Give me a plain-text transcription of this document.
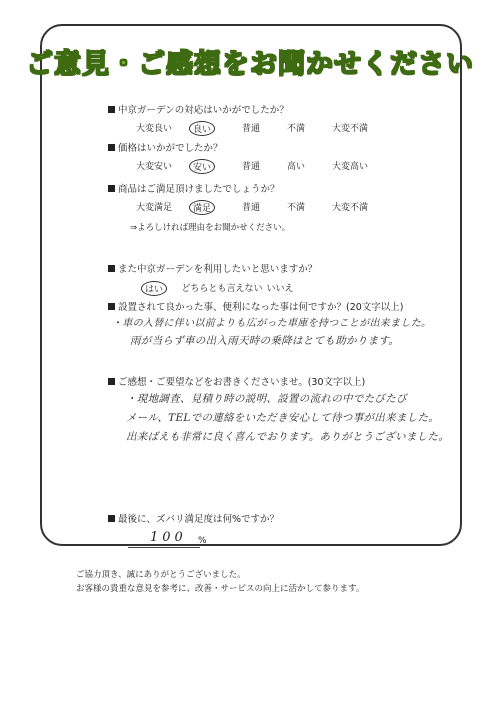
ご意見・ご感想をお聞かせください
中京ガーデンの対応はいかがでしたか？
大変良い	良い	普通	不満	大変不満
価格はいかがでしたか？
大変安い	安い	普通	高い	大変高い
商品はご満足頂けましたでしょうか？
大変満足	満足	普通	不満	大変不満
⇒よろしければ理由をお聞かせください。
また中京ガーデンを利用したいと思いますか？
はい	どちらとも言えない いいえ
設置されて良かった事、便利になった事は何ですか？(20文字以上)
・車の入替に伴い以前よりも広がった車庫を持つことが出来ました。
雨が当らず車の出入雨天時の乗降はとても助かります。
ご感想・ご要望などをお書きくださいませ。(30文字以上)
・現地調査、見積り時の説明、設置の流れの中でたびたび
メール、TELでの連絡をいただき安心して待つ事が出来ました。
出来ばえも非常に良く喜んでおります。ありがとうございました。
最後に、ズバリ満足度は何%ですか？
100 %
ご協力頂き、誠にありがとうございました。
お客様の貴重な意見を参考に、改善・サービスの向上に活かして参ります。
